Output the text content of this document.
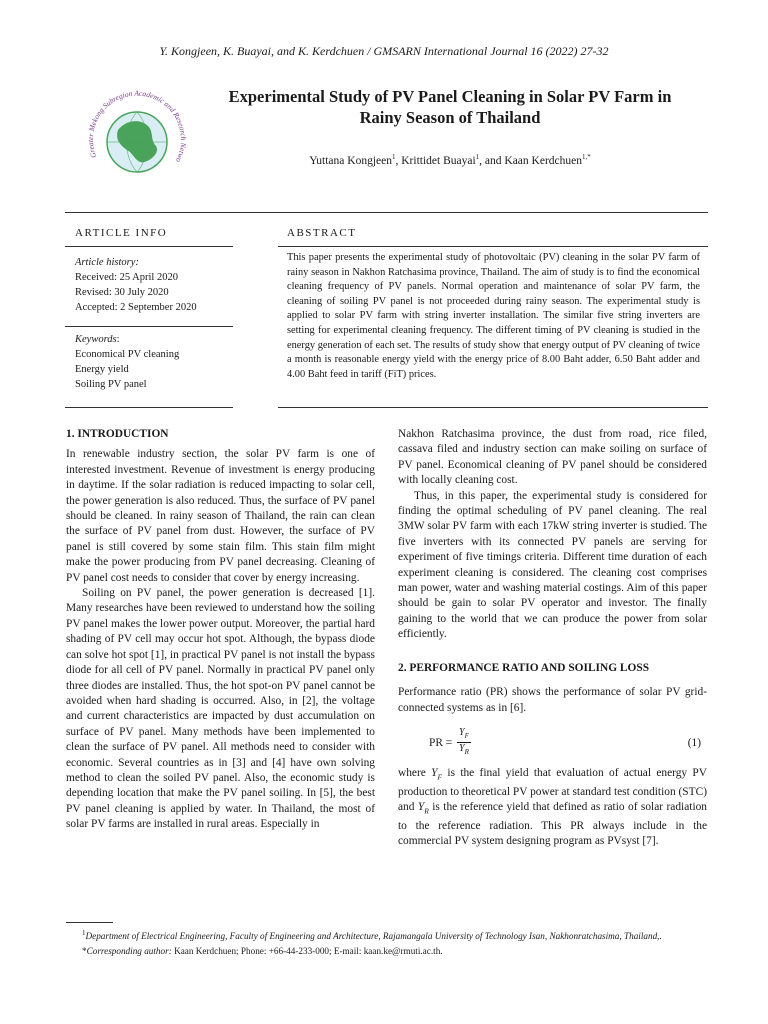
Y. Kongjeen, K. Buayai, and K. Kerdchuen / GMSARN International Journal 16 (2022) 27-32
Greater Mekong Subregion Academic and Research Netwo
Experimental Study of PV Panel Cleaning in Solar PV Farm in
Rainy Season of Thailand
Yuttana Kongjeen$^1$, Krittidet Buayai$^1$, and Kaan Kerdchuen$^{1,*}$
ARTICLE INFO
Article history:
Received: 25 April 2020
Revised: 30 July 2020
Accepted: 2 September 2020
Keywords:
Economical PV cleaning
Energy yield
Soiling PV panel
ABSTRACT
This paper presents the experimental study of photovoltaic (PV) cleaning in the solar PV farm of rainy season in Nakhon Ratchasima province, Thailand. The aim of study is to find the economical cleaning frequency of PV panels. Normal operation and maintenance of solar PV farm, the cleaning of soiling PV panel is not proceeded during rainy season. The experimental study is applied to solar PV farm with string inverter installation. The similar five string inverters are setting for experimental cleaning frequency. The different timing of PV cleaning is studied in the energy generation of each set. The results of study show that energy output of PV cleaning of twice a month is reasonable energy yield with the energy price of 8.00 Baht adder, 6.50 Baht adder and 4.00 Baht feed in tariff (FiT) prices.
1. INTRODUCTION

In renewable industry section, the solar PV farm is one of interested investment. Revenue of investment is energy producing in daytime. If the solar radiation is reduced impacting to solar cell, the power generation is also reduced. Thus, the surface of PV panel should be cleaned. In rainy season of Thailand, the rain can clean the surface of PV panel from dust. However, the surface of PV panel is still covered by some stain film. This stain film might make the power producing from PV panel decreasing. Cleaning of PV panel cost needs to consider that cover by energy increasing.

Soiling on PV panel, the power generation is decreased [1]. Many researches have been reviewed to understand how the soiling PV panel makes the lower power output. Moreover, the partial hard shading of PV cell may occur hot spot. Although, the bypass diode can solve hot spot [1], in practical PV panel is not install the bypass diode for all cell of PV panel. Normally in practical PV panel only three diodes are installed. Thus, the hot spot-on PV panel cannot be avoided when hard shading is occurred. Also, in [2], the voltage and current characteristics are impacted by dust accumulation on surface of PV panel. Many methods have been implemented to clean the surface of PV panel. All methods need to consider with economic. Several countries as in [3] and [4] have own solving method to clean the soiled PV panel. Also, the economic study is depending location that make the PV panel soiling. In [5], the best PV panel cleaning is applied by water. In Thailand, the most of solar PV farms are installed in rural areas. Especially in

Nakhon Ratchasima province, the dust from road, rice filed, cassava filed and industry section can make soiling on surface of PV panel. Economical cleaning of PV panel should be considered with locally cleaning cost.

Thus, in this paper, the experimental study is considered for finding the optimal scheduling of PV panel cleaning. The real 3MW solar PV farm with each 17kW string inverter is studied. The five inverters with its connected PV panels are serving for experiment of five timings criteria. Different time duration of each experiment cleaning is considered. The cleaning cost comprises man power, water and washing material costings. Aim of this paper should be gain to solar PV operator and investor. The finally gaining to the world that we can produce the power from solar efficiently.

2. PERFORMANCE RATIO AND SOILING LOSS

Performance ratio (PR) shows the performance of solar PV grid-connected systems as in [6].

PR = $\frac{Y_F}{Y_R}$	(1)

where $Y_F$ is the final yield that evaluation of actual energy PV production to theoretical PV power at standard test condition (STC) and $Y_R$ is the reference yield that defined as ratio of solar radiation to the reference radiation. This PR always include in the commercial PV system designing program as PVsyst [7].

$^1$Department of Electrical Engineering, Faculty of Engineering and Architecture, Rajamangala University of Technology Isan, Nakhonratchasima, Thailand,.
*Corresponding author: Kaan Kerdchuen; Phone: +66-44-233-000; E-mail: kaan.ke@rmuti.ac.th.
